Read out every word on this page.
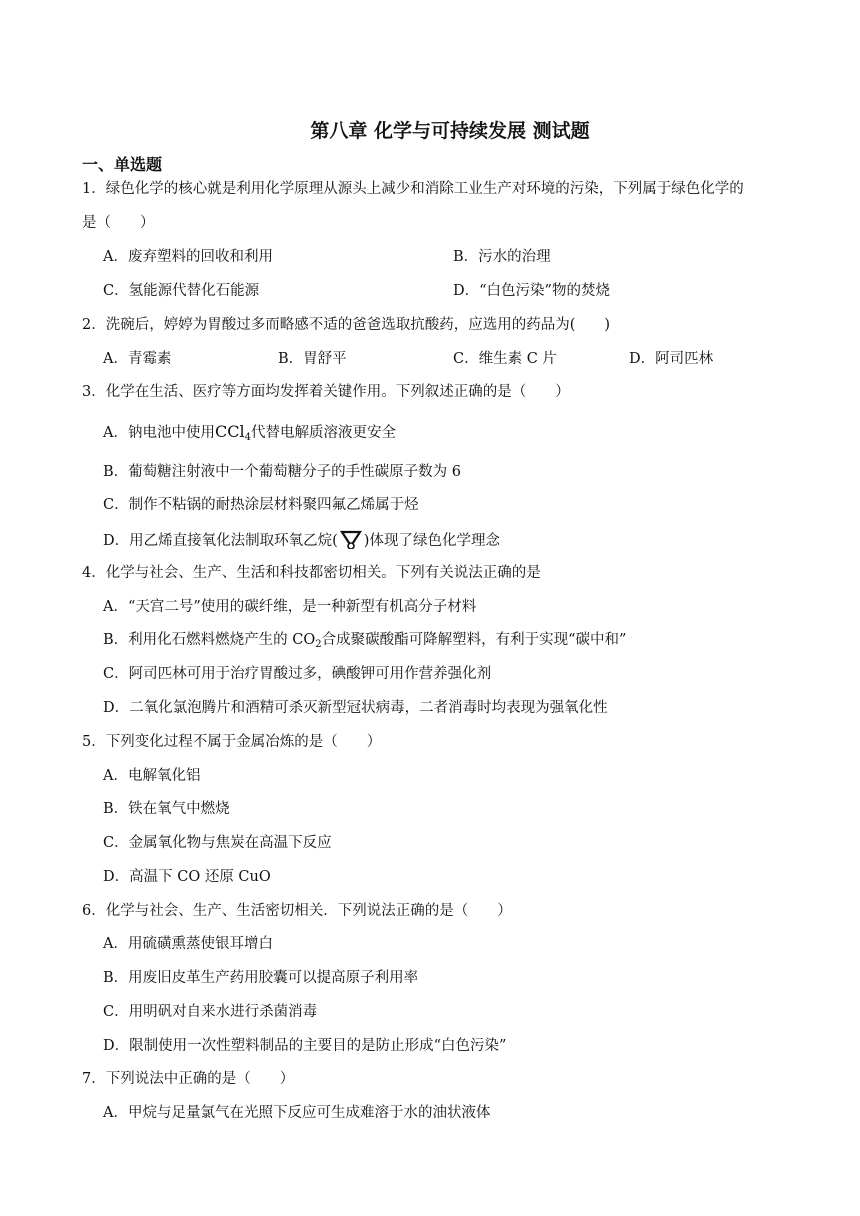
第八章 化学与可持续发展 测试题
一、单选题
1．绿色化学的核心就是利用化学原理从源头上减少和消除工业生产对环境的污染，下列属于绿色化学的
是（　　）
A．废弃塑料的回收和利用	B．污水的治理
C．氢能源代替化石能源	D．“白色污染”物的焚烧
2．洗碗后，婷婷为胃酸过多而略感不适的爸爸选取抗酸药，应选用的药品为(　　)
A．青霉素	B．胃舒平	C．维生素 C 片	D．阿司匹林
3．化学在生活、医疗等方面均发挥着关键作用。下列叙述正确的是（　　）
A．钠电池中使用CCl$_4$代替电解质溶液更安全
B．葡萄糖注射液中一个葡萄糖分子的手性碳原子数为 6
C．制作不粘锅的耐热涂层材料聚四氟乙烯属于烃
D．用乙烯直接氧化法制取环氧乙烷( )体现了绿色化学理念
4．化学与社会、生产、生活和科技都密切相关。下列有关说法正确的是
A．“天宫二号”使用的碳纤维，是一种新型有机高分子材料
B．利用化石燃料燃烧产生的 $CO_2$合成聚碳酸酯可降解塑料，有利于实现“碳中和”
C．阿司匹林可用于治疗胃酸过多，碘酸钾可用作营养强化剂
D．二氧化氯泡腾片和酒精可杀灭新型冠状病毒，二者消毒时均表现为强氧化性
5．下列变化过程不属于金属冶炼的是（　　）
A．电解氧化铝
B．铁在氧气中燃烧
C．金属氧化物与焦炭在高温下反应
D．高温下 CO 还原 CuO
6．化学与社会、生产、生活密切相关．下列说法正确的是（　　）
A．用硫磺熏蒸使银耳增白
B．用废旧皮革生产药用胶囊可以提高原子利用率
C．用明矾对自来水进行杀菌消毒
D．限制使用一次性塑料制品的主要目的是防止形成“白色污染”
7．下列说法中正确的是（　　）
A．甲烷与足量氯气在光照下反应可生成难溶于水的油状液体
